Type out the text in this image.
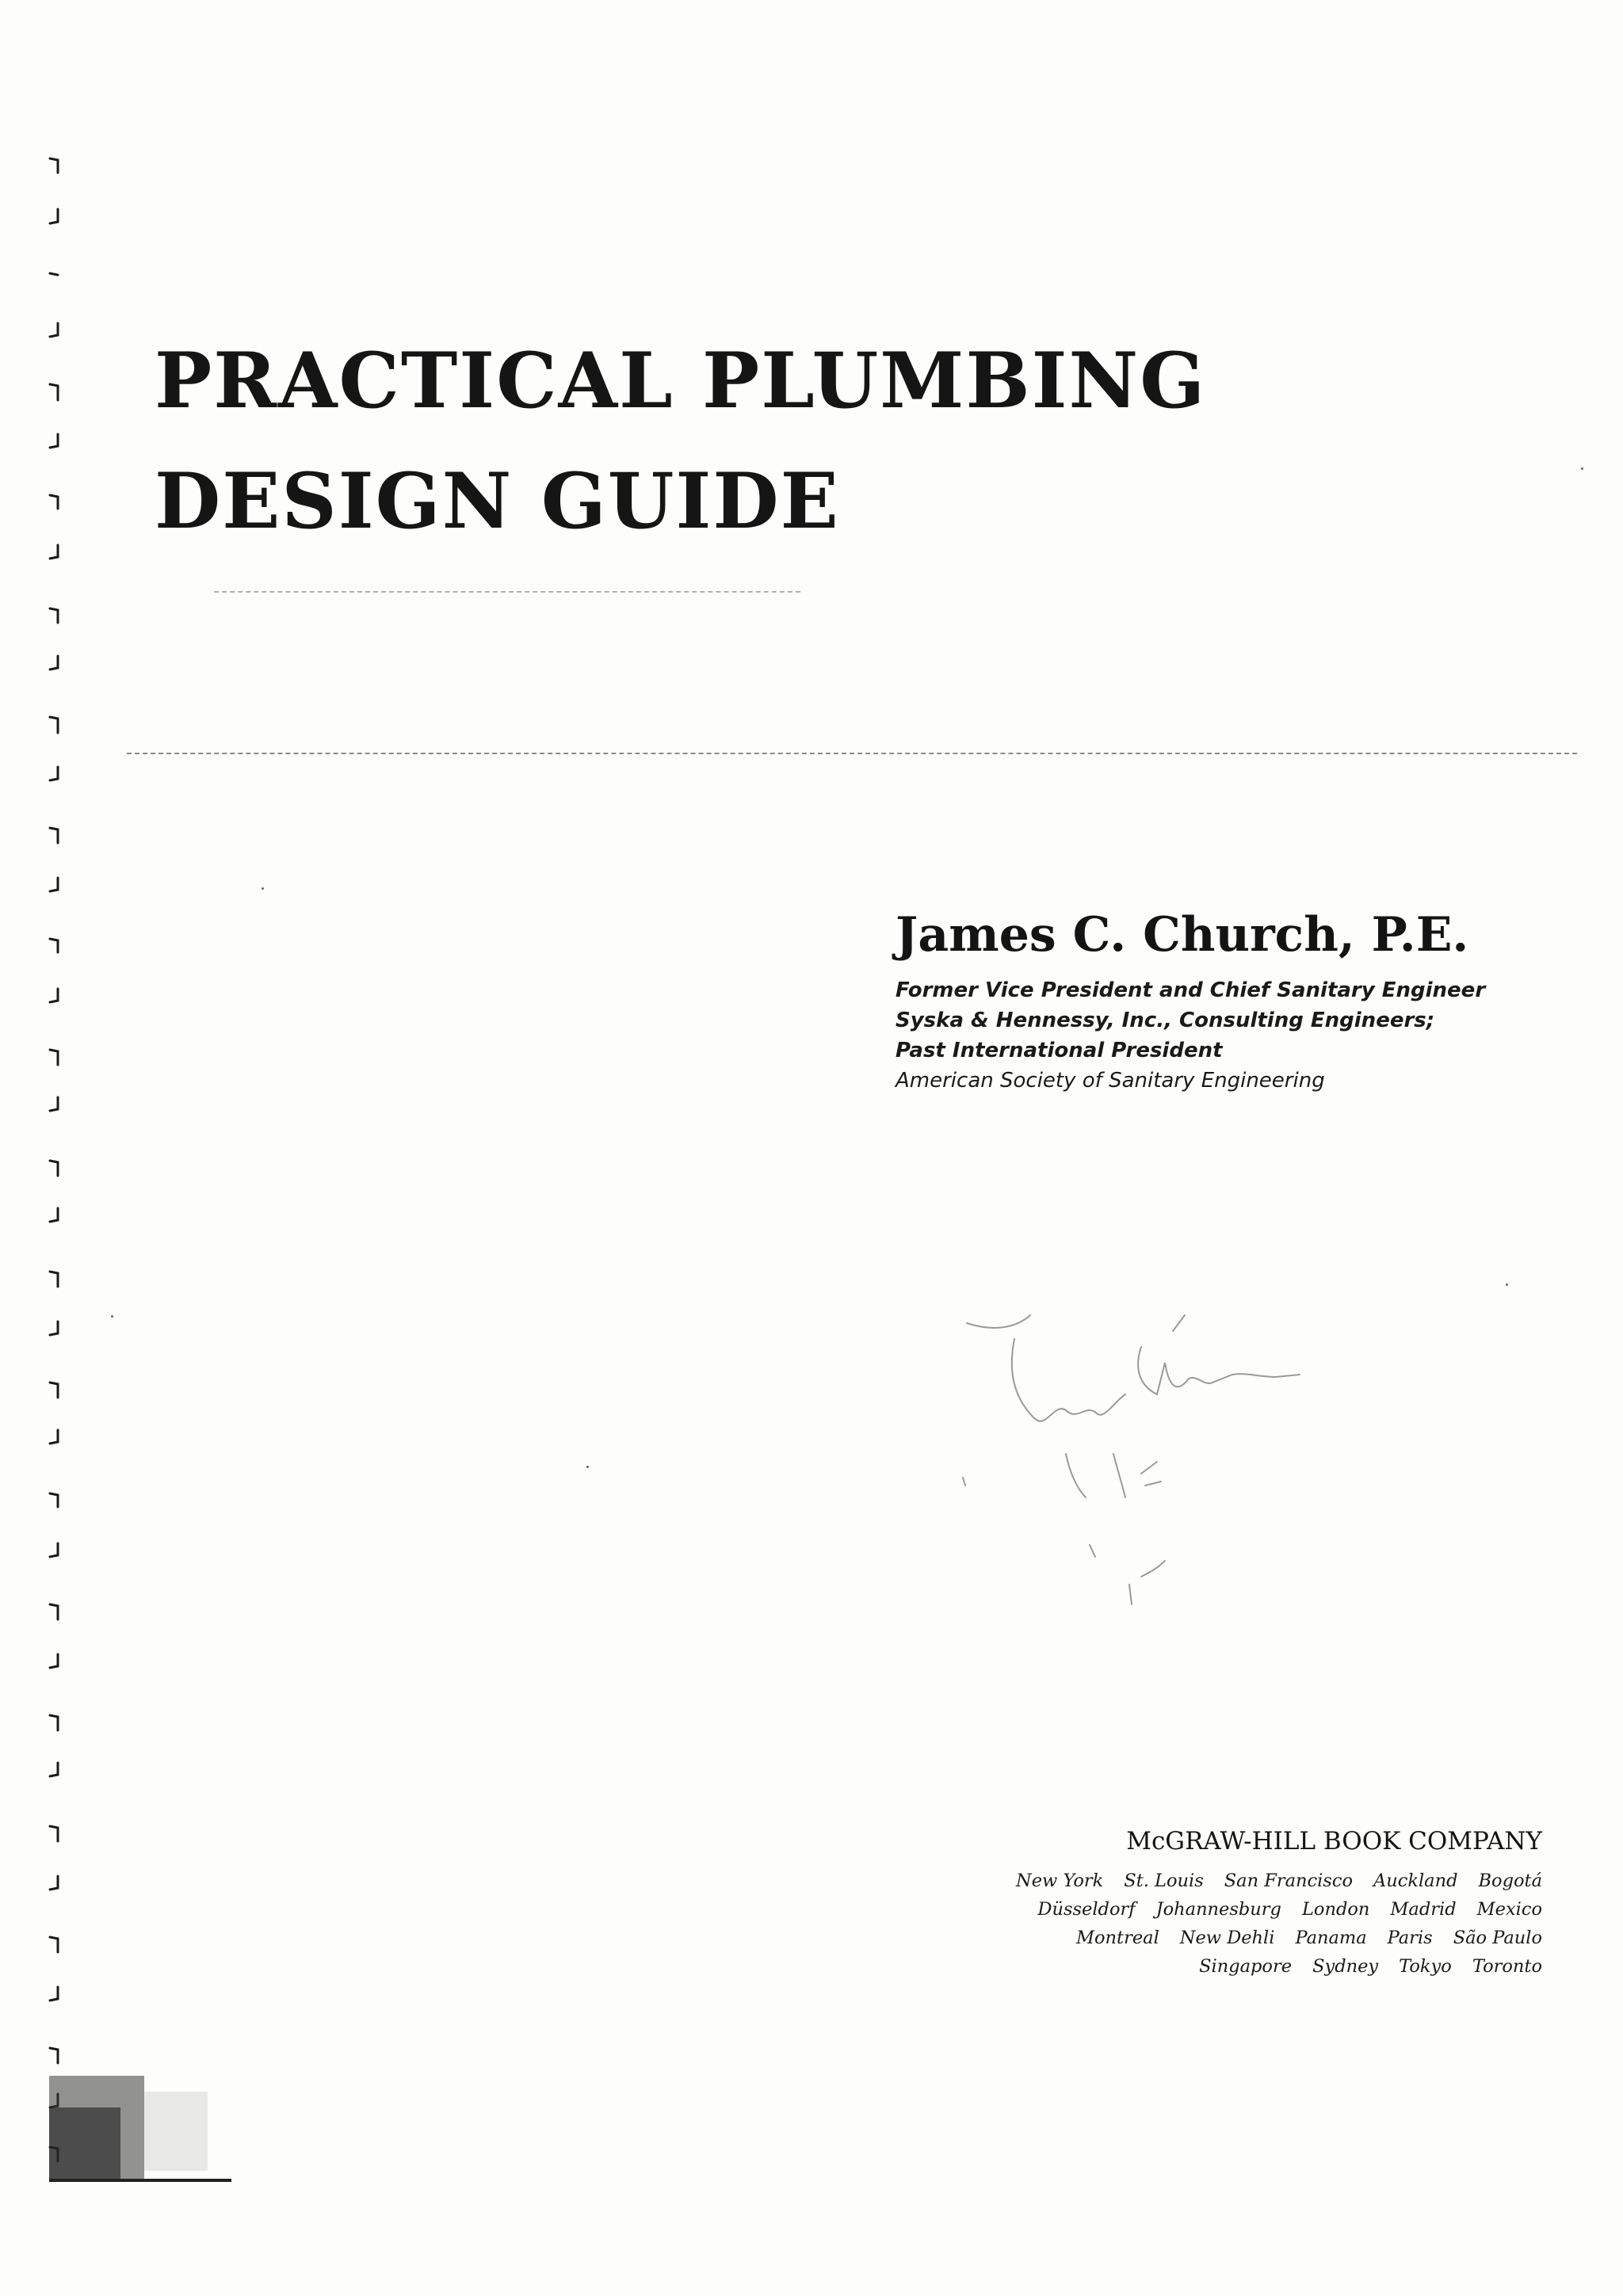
PRACTICAL PLUMBING
DESIGN GUIDE
James C. Church, P.E.
Former Vice President and Chief Sanitary Engineer
Syska & Hennessy, Inc., Consulting Engineers;
Past International President
American Society of Sanitary Engineering
McGRAW-HILL BOOK COMPANY
New York St. Louis San Francisco Auckland Bogotá
Düsseldorf Johannesburg London Madrid Mexico
Montreal New Dehli Panama Paris São Paulo
Singapore Sydney Tokyo Toronto
